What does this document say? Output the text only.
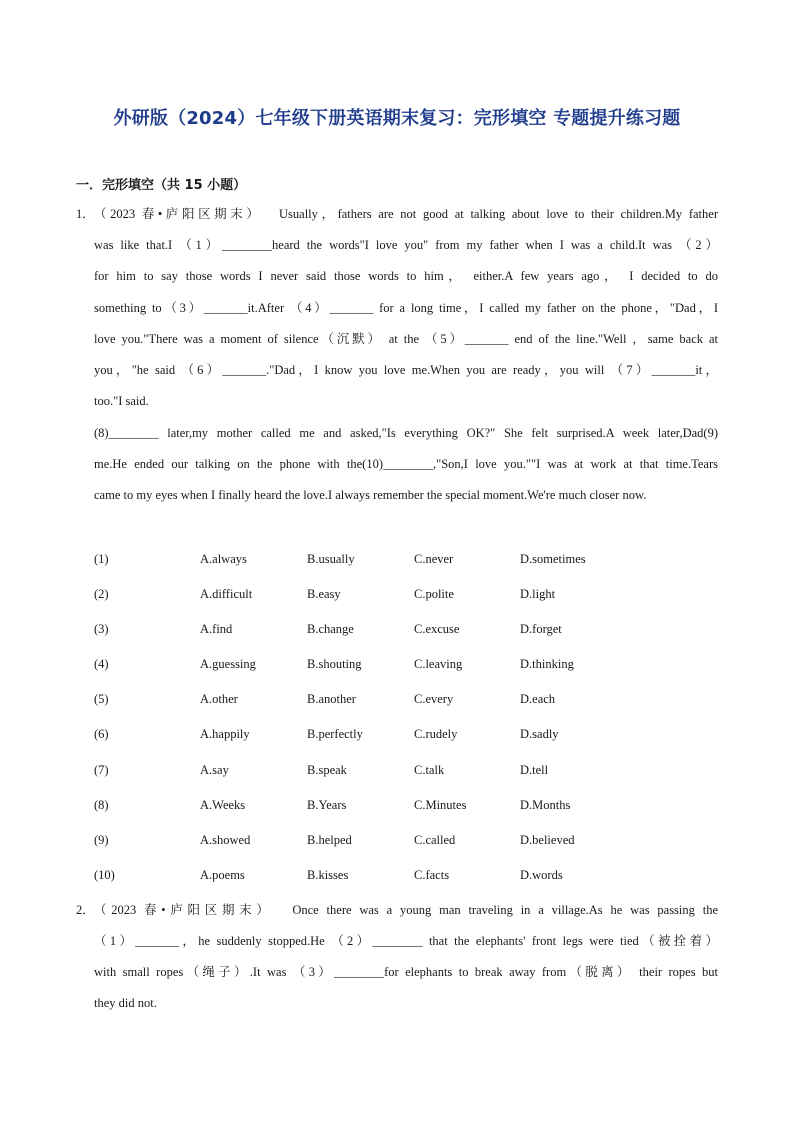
外研版（2024）七年级下册英语期末复习：完形填空 专题提升练习题
一．完形填空（共 15 小题）
1． （2023 春•庐阳区期末）　 Usually，fathers are not good at talking about love to their children.My father
was like that.I （1）________heard the words"I love you" from my father when I was a child.It was （2）
for him to say those words I never said those words to him， either.A few years ago， I decided to do
something to（3）_______it.After （4）_______ for a long time，I called my father on the phone，"Dad，I
love you."There was a moment of silence（沉默） at the （5）_______ end of the line."Well ，same back at
you，"he said （6）_______."Dad，I know you love me.When you are ready，you will （7）_______it，
too."I said.
(8)________ later,my mother called me and asked,"Is everything OK?" She felt surprised.A week later,Dad(9)
me.He ended our talking on the phone with the(10)________,"Son,I love you.""I was at work at that time.Tears
came to my eyes when I finally heard the love.I always remember the special moment.We're much closer now.
(1)	A.always	B.usually	C.never	D.sometimes
(2)	A.difficult	B.easy	C.polite	D.light
(3)	A.find	B.change	C.excuse	D.forget
(4)	A.guessing	B.shouting	C.leaving	D.thinking
(5)	A.other	B.another	C.every	D.each
(6)	A.happily	B.perfectly	C.rudely	D.sadly
(7)	A.say	B.speak	C.talk	D.tell
(8)	A.Weeks	B.Years	C.Minutes	D.Months
(9)	A.showed	B.helped	C.called	D.believed
(10)	A.poems	B.kisses	C.facts	D.words
2． （2023 春•庐阳区期末）　 Once there was a young man traveling in a village.As he was passing the
（1）_______，he suddenly stopped.He （2）________ that the elephants' front legs were tied（被拴着）
with small ropes（绳子）.It was （3）________for elephants to break away from（脱离） their ropes but
they did not.
